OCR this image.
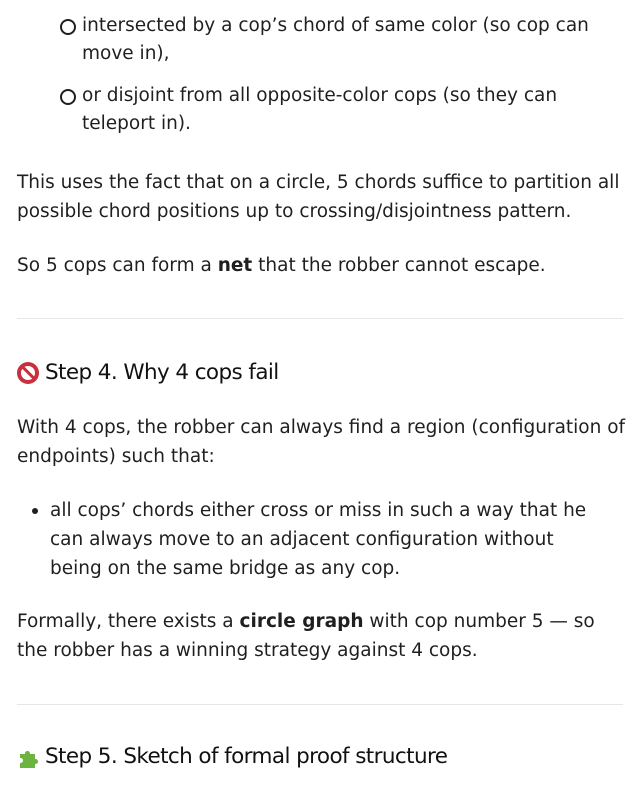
intersected by a cop’s chord of same color (so cop can move in),
or disjoint from all opposite-color cops (so they can teleport in).

This uses the fact that on a circle, 5 chords suffice to partition all possible chord positions up to crossing/disjointness pattern.

So 5 cops can form a net that the robber cannot escape.

Step 4. Why 4 cops fail

With 4 cops, the robber can always find a region (configuration of endpoints) such that:

all cops’ chords either cross or miss in such a way that he can always move to an adjacent configuration without being on the same bridge as any cop.

Formally, there exists a circle graph with cop number 5 — so the robber has a winning strategy against 4 cops.

Step 5. Sketch of formal proof structure
